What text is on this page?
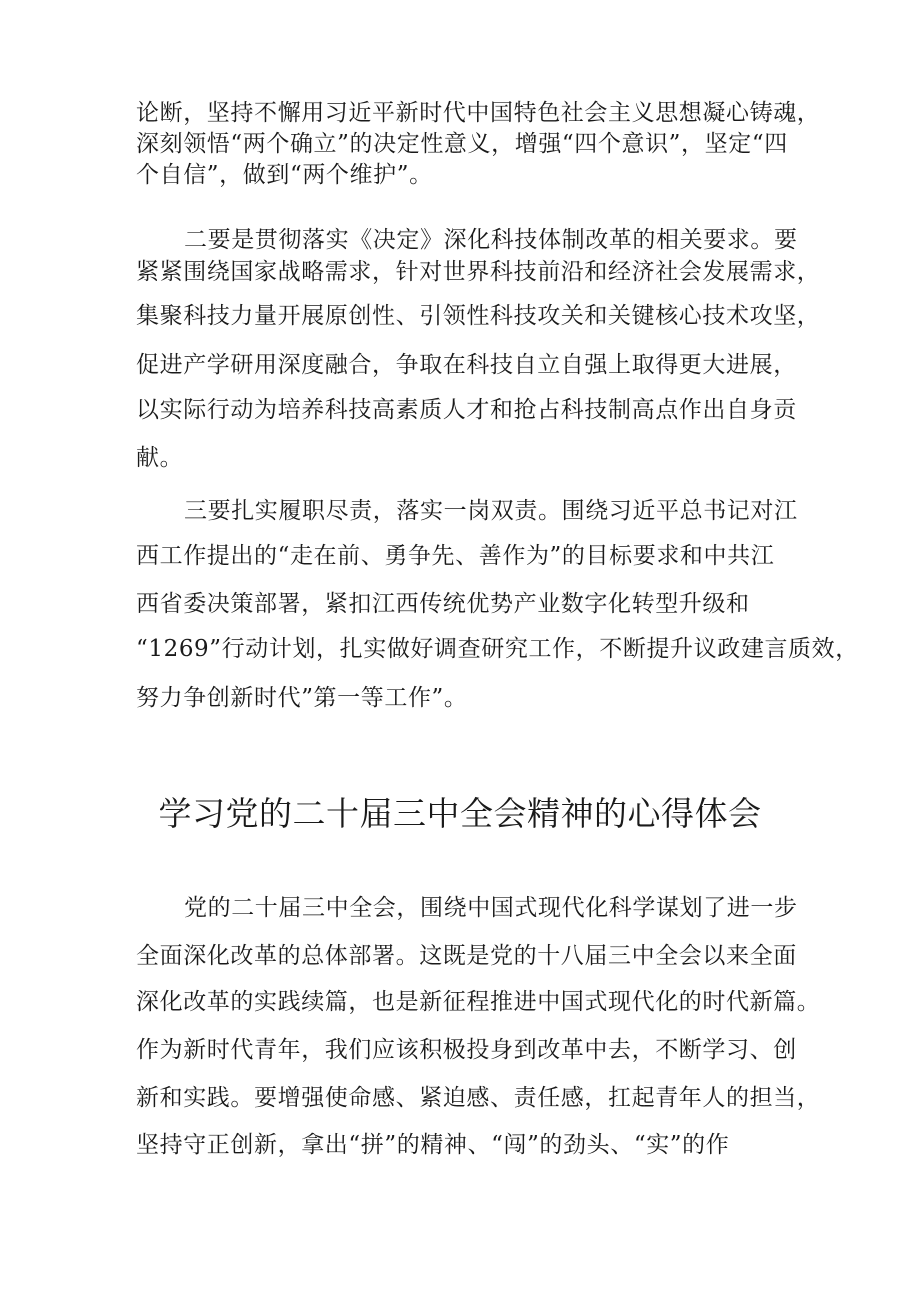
论断，坚持不懈用习近平新时代中国特色社会主义思想凝心铸魂，

深刻领悟“两个确立”的决定性意义，增强“四个意识”，坚定“四

个自信”，做到“两个维护”。

二要是贯彻落实《决定》深化科技体制改革的相关要求。要

紧紧围绕国家战略需求，针对世界科技前沿和经济社会发展需求，

集聚科技力量开展原创性、引领性科技攻关和关键核心技术攻坚，

促进产学研用深度融合，争取在科技自立自强上取得更大进展，

以实际行动为培养科技高素质人才和抢占科技制高点作出自身贡

献。

三要扎实履职尽责，落实一岗双责。围绕习近平总书记对江

西工作提出的“走在前、勇争先、善作为”的目标要求和中共江

西省委决策部署，紧扣江西传统优势产业数字化转型升级和

“1269”行动计划，扎实做好调查研究工作，不断提升议政建言质效，

努力争创新时代”第一等工作”。

学习党的二十届三中全会精神的心得体会

党的二十届三中全会，围绕中国式现代化科学谋划了进一步

全面深化改革的总体部署。这既是党的十八届三中全会以来全面

深化改革的实践续篇，也是新征程推进中国式现代化的时代新篇。

作为新时代青年，我们应该积极投身到改革中去，不断学习、创

新和实践。要增强使命感、紧迫感、责任感，扛起青年人的担当，

坚持守正创新，拿出“拼”的精神、“闯”的劲头、“实”的作
